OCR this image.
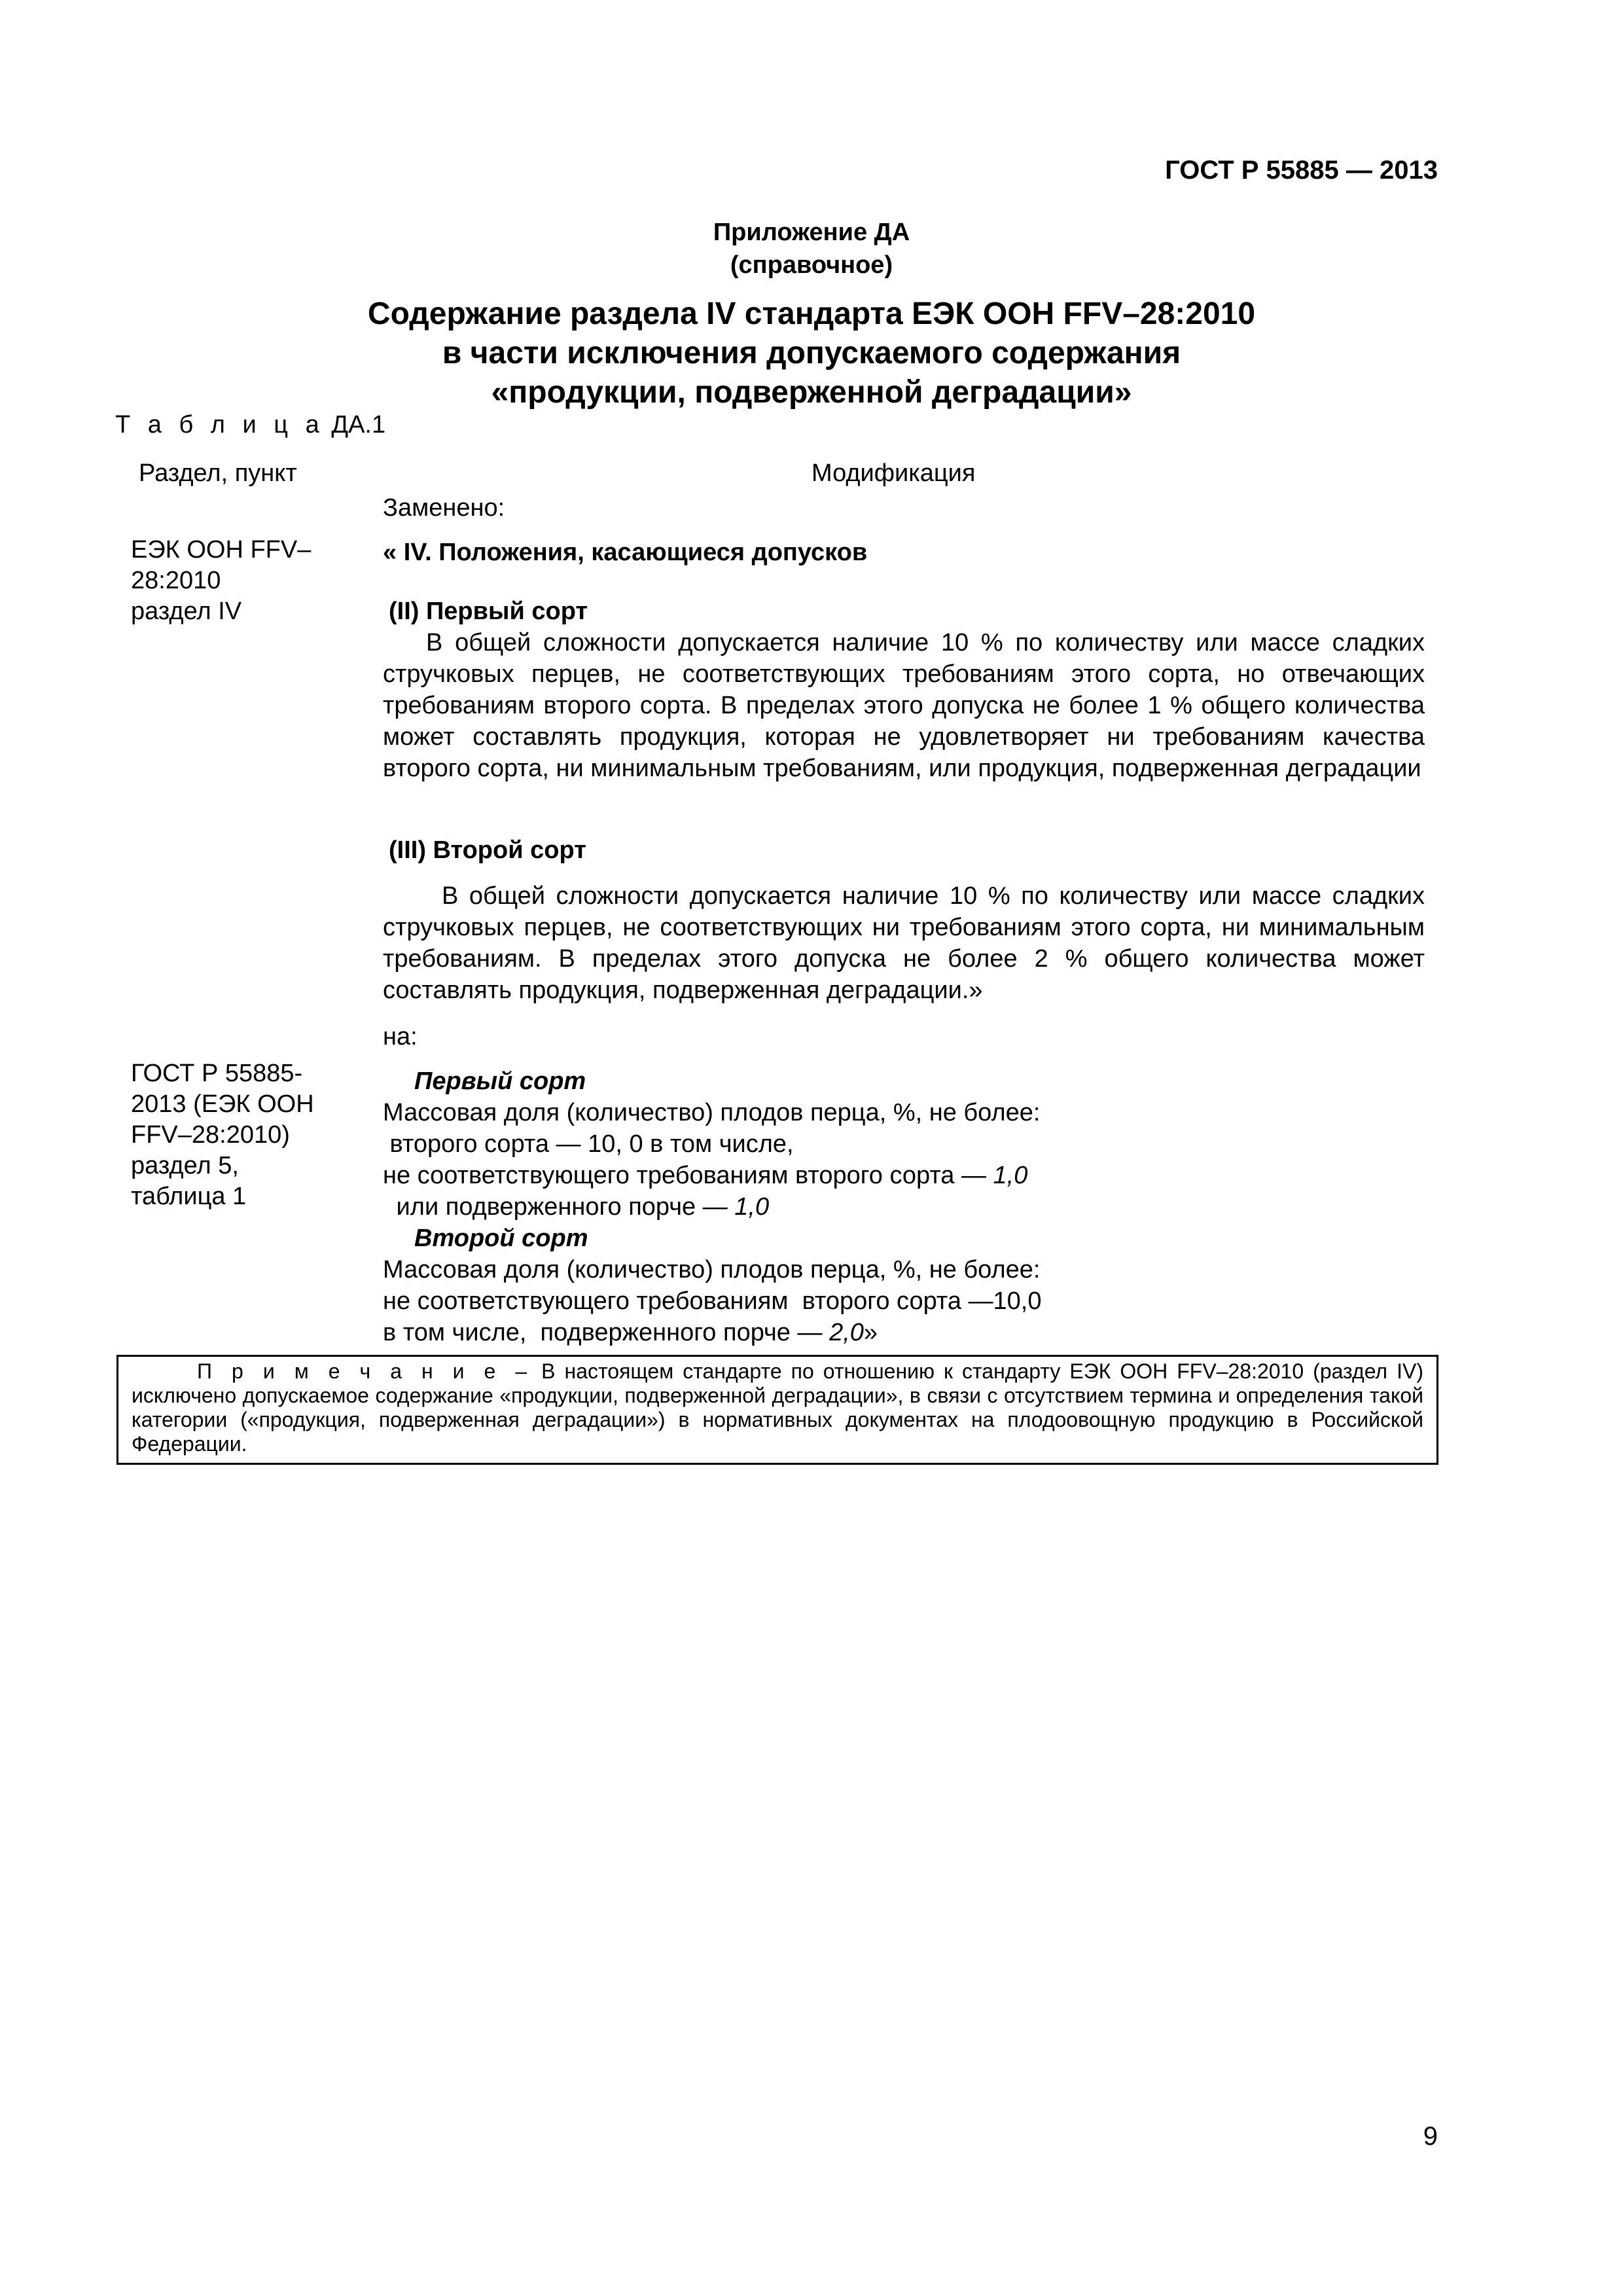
ГОСТ Р 55885 — 2013
Приложение ДА
(справочное)
Содержание раздела IV стандарта ЕЭК ООН FFV–28:2010
в части исключения допускаемого содержания
«продукции, подверженной деградации»
Т а б л и ц а ДА.1
Раздел, пункт	Модификация
ЕЭК ООН FFV–
28:2010
раздел IV
Заменено:
« IV. Положения, касающиеся допусков
(II) Первый сорт
В общей сложности допускается наличие 10 % по количеству или массе сладких стручковых перцев, не соответствующих требованиям этого сорта, но отвечающих требованиям второго сорта. В пределах этого допуска не более 1 % общего количества может составлять продукция, которая не удовлетворяет ни требованиям качества второго сорта, ни минимальным требованиям, или продукция, подверженная деградации
(III) Второй сорт
В общей сложности допускается наличие 10 % по количеству или массе сладких стручковых перцев, не соответствующих ни требованиям этого сорта, ни минимальным требованиям. В пределах этого допуска не более 2 % общего количества может составлять продукция, подверженная деградации.»
на:
ГОСТ Р 55885-
2013 (ЕЭК ООН
FFV–28:2010)
раздел 5,
таблица 1
Первый сорт
Массовая доля (количество) плодов перца, %, не более:
второго сорта — 10, 0 в том числе,
не соответствующего требованиям второго сорта — 1,0
или подверженного порче — 1,0
Второй сорт
Массовая доля (количество) плодов перца, %, не более:
не соответствующего требованиям  второго сорта —10,0
в том числе,  подверженного порче — 2,0»
П р и м е ч а н и е – В настоящем стандарте по отношению к стандарту ЕЭК ООН FFV–28:2010 (раздел IV) исключено допускаемое содержание «продукции, подверженной деградации», в связи с отсутствием термина и определения такой категории («продукция, подверженная деградации») в нормативных документах на плодоовощную продукцию в Российской Федерации.
9
